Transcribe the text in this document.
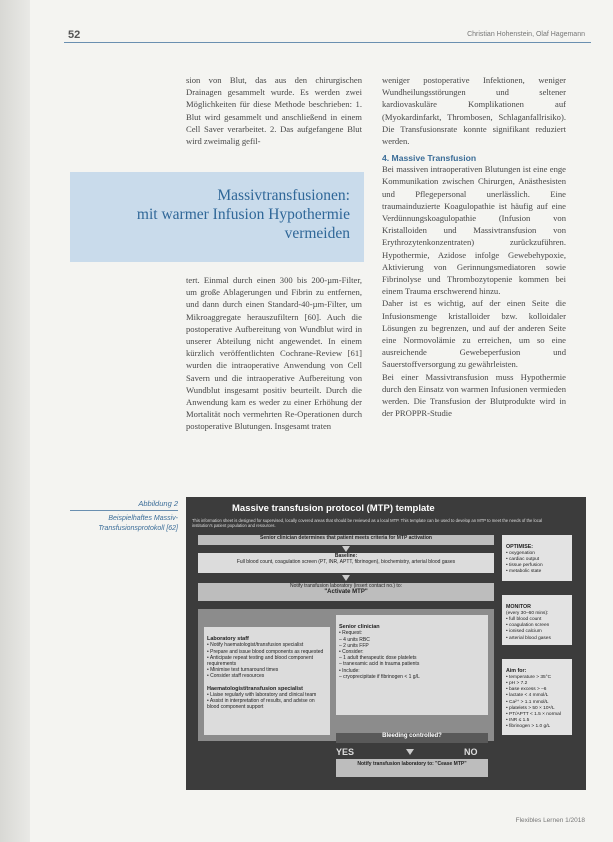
52	Christian Hohenstein, Olaf Hagemann

sion von Blut, das aus den chirurgischen Drainagen gesammelt wurde. Es werden zwei Möglichkeiten für diese Methode beschrieben: 1. Blut wird gesammelt und anschließend in einem Cell Saver verarbeitet. 2. Das aufgefangene Blut wird zweimalig gefil-

Massivtransfusionen:
mit warmer Infusion Hypothermie
vermeiden

tert. Einmal durch einen 300 bis 200-µm-Filter, um große Ablagerungen und Fibrin zu entfernen, und dann durch einen Standard-40-µm-Filter, um Mikroaggregate herauszufiltern [60]. Auch die postoperative Aufbereitung von Wundblut wird in unserer Abteilung nicht angewendet. In einem kürzlich veröffentlichten Cochrane-Review [61] wurden die intraoperative Anwendung von Cell Savern und die intraoperative Aufbereitung von Wundblut insgesamt positiv beurteilt. Durch die Anwendung kam es weder zu einer Erhöhung der Mortalität noch vermehrten Re-Operationen durch postoperative Blutungen. Insgesamt traten

weniger postoperative Infektionen, weniger Wundheilungsstörungen und seltener kardiovaskuläre Komplikationen auf (Myokardinfarkt, Thrombosen, Schlaganfallrisiko). Die Transfusionsrate konnte signifikant reduziert werden.

4. Massive Transfusion

Bei massiven intraoperativen Blutungen ist eine enge Kommunikation zwischen Chirurgen, Anästhesisten und Pflegepersonal unerlässlich. Eine traumainduzierte Koagulopathie ist häufig auf eine Verdünnungskoagulopathie (Infusion von Kristalloiden und Massivtransfusion von Erythrozytenkonzentraten) zurückzuführen. Hypothermie, Azidose infolge Gewebehypoxie, Aktivierung von Gerinnungsmediatoren sowie Fibrinolyse und Thrombozytopenie kommen bei einem Trauma erschwerend hinzu.

Daher ist es wichtig, auf der einen Seite die Infusionsmenge kristalloider bzw. kolloidaler Lösungen zu begrenzen, und auf der anderen Seite eine Normovolämie zu erreichen, um so eine ausreichende Gewebeperfusion und Sauerstoffversorgung zu gewährleisten.

Bei einer Massivtransfusion muss Hypothermie durch den Einsatz von warmen Infusionen vermieden werden. Die Transfusion der Blutprodukte wird in der PROPPR-Studie

Abbildung 2
Beispielhaftes Massiv-Transfusionsprotokoll [62]
Massive transfusion protocol (MTP) template
This information sheet is designed for supervised, locally covered areas that should be reviewed as a local MTP. This template can be used to develop an MTP to meet the needs of the local institution's patient population and resources.
Senior clinician determines that patient meets criteria for MTP activation
Baseline:
Full blood count, coagulation screen (PT, INR, APTT, fibrinogen), biochemistry, arterial blood gases
Notify transfusion laboratory (insert contact no.) to:
"Activate MTP"

Laboratory staff

• Notify haematologist/transfusion specialist
• Prepare and issue blood components as requested
• Anticipate repeat testing and blood component requirements
• Minimise test turnaround times
• Consider staff resources

Haematologist/transfusion specialist

• Liaise regularly with laboratory and clinical team
• Assist in interpretation of results, and advise on blood component support

Senior clinician

• Request:
– 4 units RBC
– 2 units FFP
• Consider:
– 1 adult therapeutic dose platelets
– tranexamic acid in trauma patients
• Include:
– cryoprecipitate if fibrinogen < 1 g/L

Bleeding controlled?
YES	NO
Notify transfusion laboratory to: "Cease MTP"

OPTIMISE:

• oxygenation
• cardiac output
• tissue perfusion
• metabolic state

MONITOR

(every 30–60 mins):
• full blood count
• coagulation screen
• ionised calcium
• arterial blood gases

Aim for:

• temperature > 35°C
• pH > 7.2
• base excess > –6
• lactate < 4 mmol/L
• Ca²⁺ > 1.1 mmol/L
• platelets > 50 × 10⁹/L
• PT/APTT < 1.5 × normal
• INR ≤ 1.5
• fibrinogen > 1.0 g/L

Flexibles Lernen 1/2018
